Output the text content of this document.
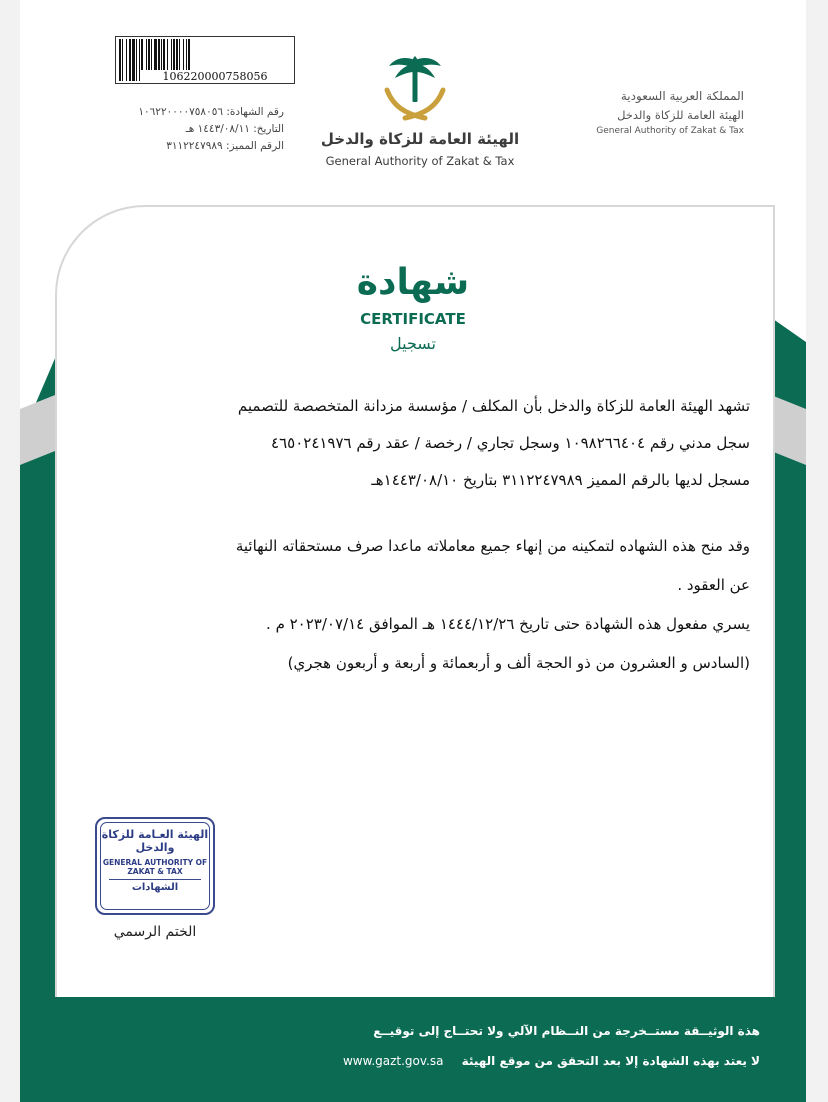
106220000758056
رقم الشهادة: ١٠٦٢٢٠٠٠٠٧٥٨٠٥٦
التاريخ: ١٤٤٣/٠٨/١١ هـ
الرقم المميز: ٣١١٢٢٤٧٩٨٩ الهيئة العامة للزكاة والدخل
General Authority of Zakat & Tax
المملكة العربية السعودية
الهيئة العامة للزكاة والدخل
General Authority of Zakat & Tax
شهادة
CERTIFICATE
تسجيل

تشهد الهيئة العامة للزكاة والدخل بأن المكلف / مؤسسة مزدانة المتخصصة للتصميم
سجل مدني رقم ١٠٩٨٢٦٦٤٠٤ وسجل تجاري / رخصة / عقد رقم ٤٦٥٠٢٤١٩٧٦
مسجل لديها بالرقم المميز ٣١١٢٢٤٧٩٨٩ بتاريخ ١٤٤٣/٠٨/١٠هـ

وقد منح هذه الشهاده لتمكينه من إنهاء جميع معاملاته ماعدا صرف مستحقاته النهائية
عن العقود .
يسري مفعول هذه الشهادة حتى تاريخ ١٤٤٤/١٢/٢٦ هـ الموافق ٢٠٢٣/٠٧/١٤ م .
(السادس و العشرون من ذو الحجة ألف و أربعمائة و أربعة و أربعون هجري)

الهيئة العـامة للزكاة والدخل
GENERAL AUTHORITY OF ZAKAT & TAX
الشهادات
الختم الرسمي
هذة الوثيــقة مستــخرجة من النــظام الآلي ولا تحتــاج إلى توقيــع
لا يعتد بهذه الشهادة إلا بعد التحقق من موقع الهيئة www.gazt.gov.sa
